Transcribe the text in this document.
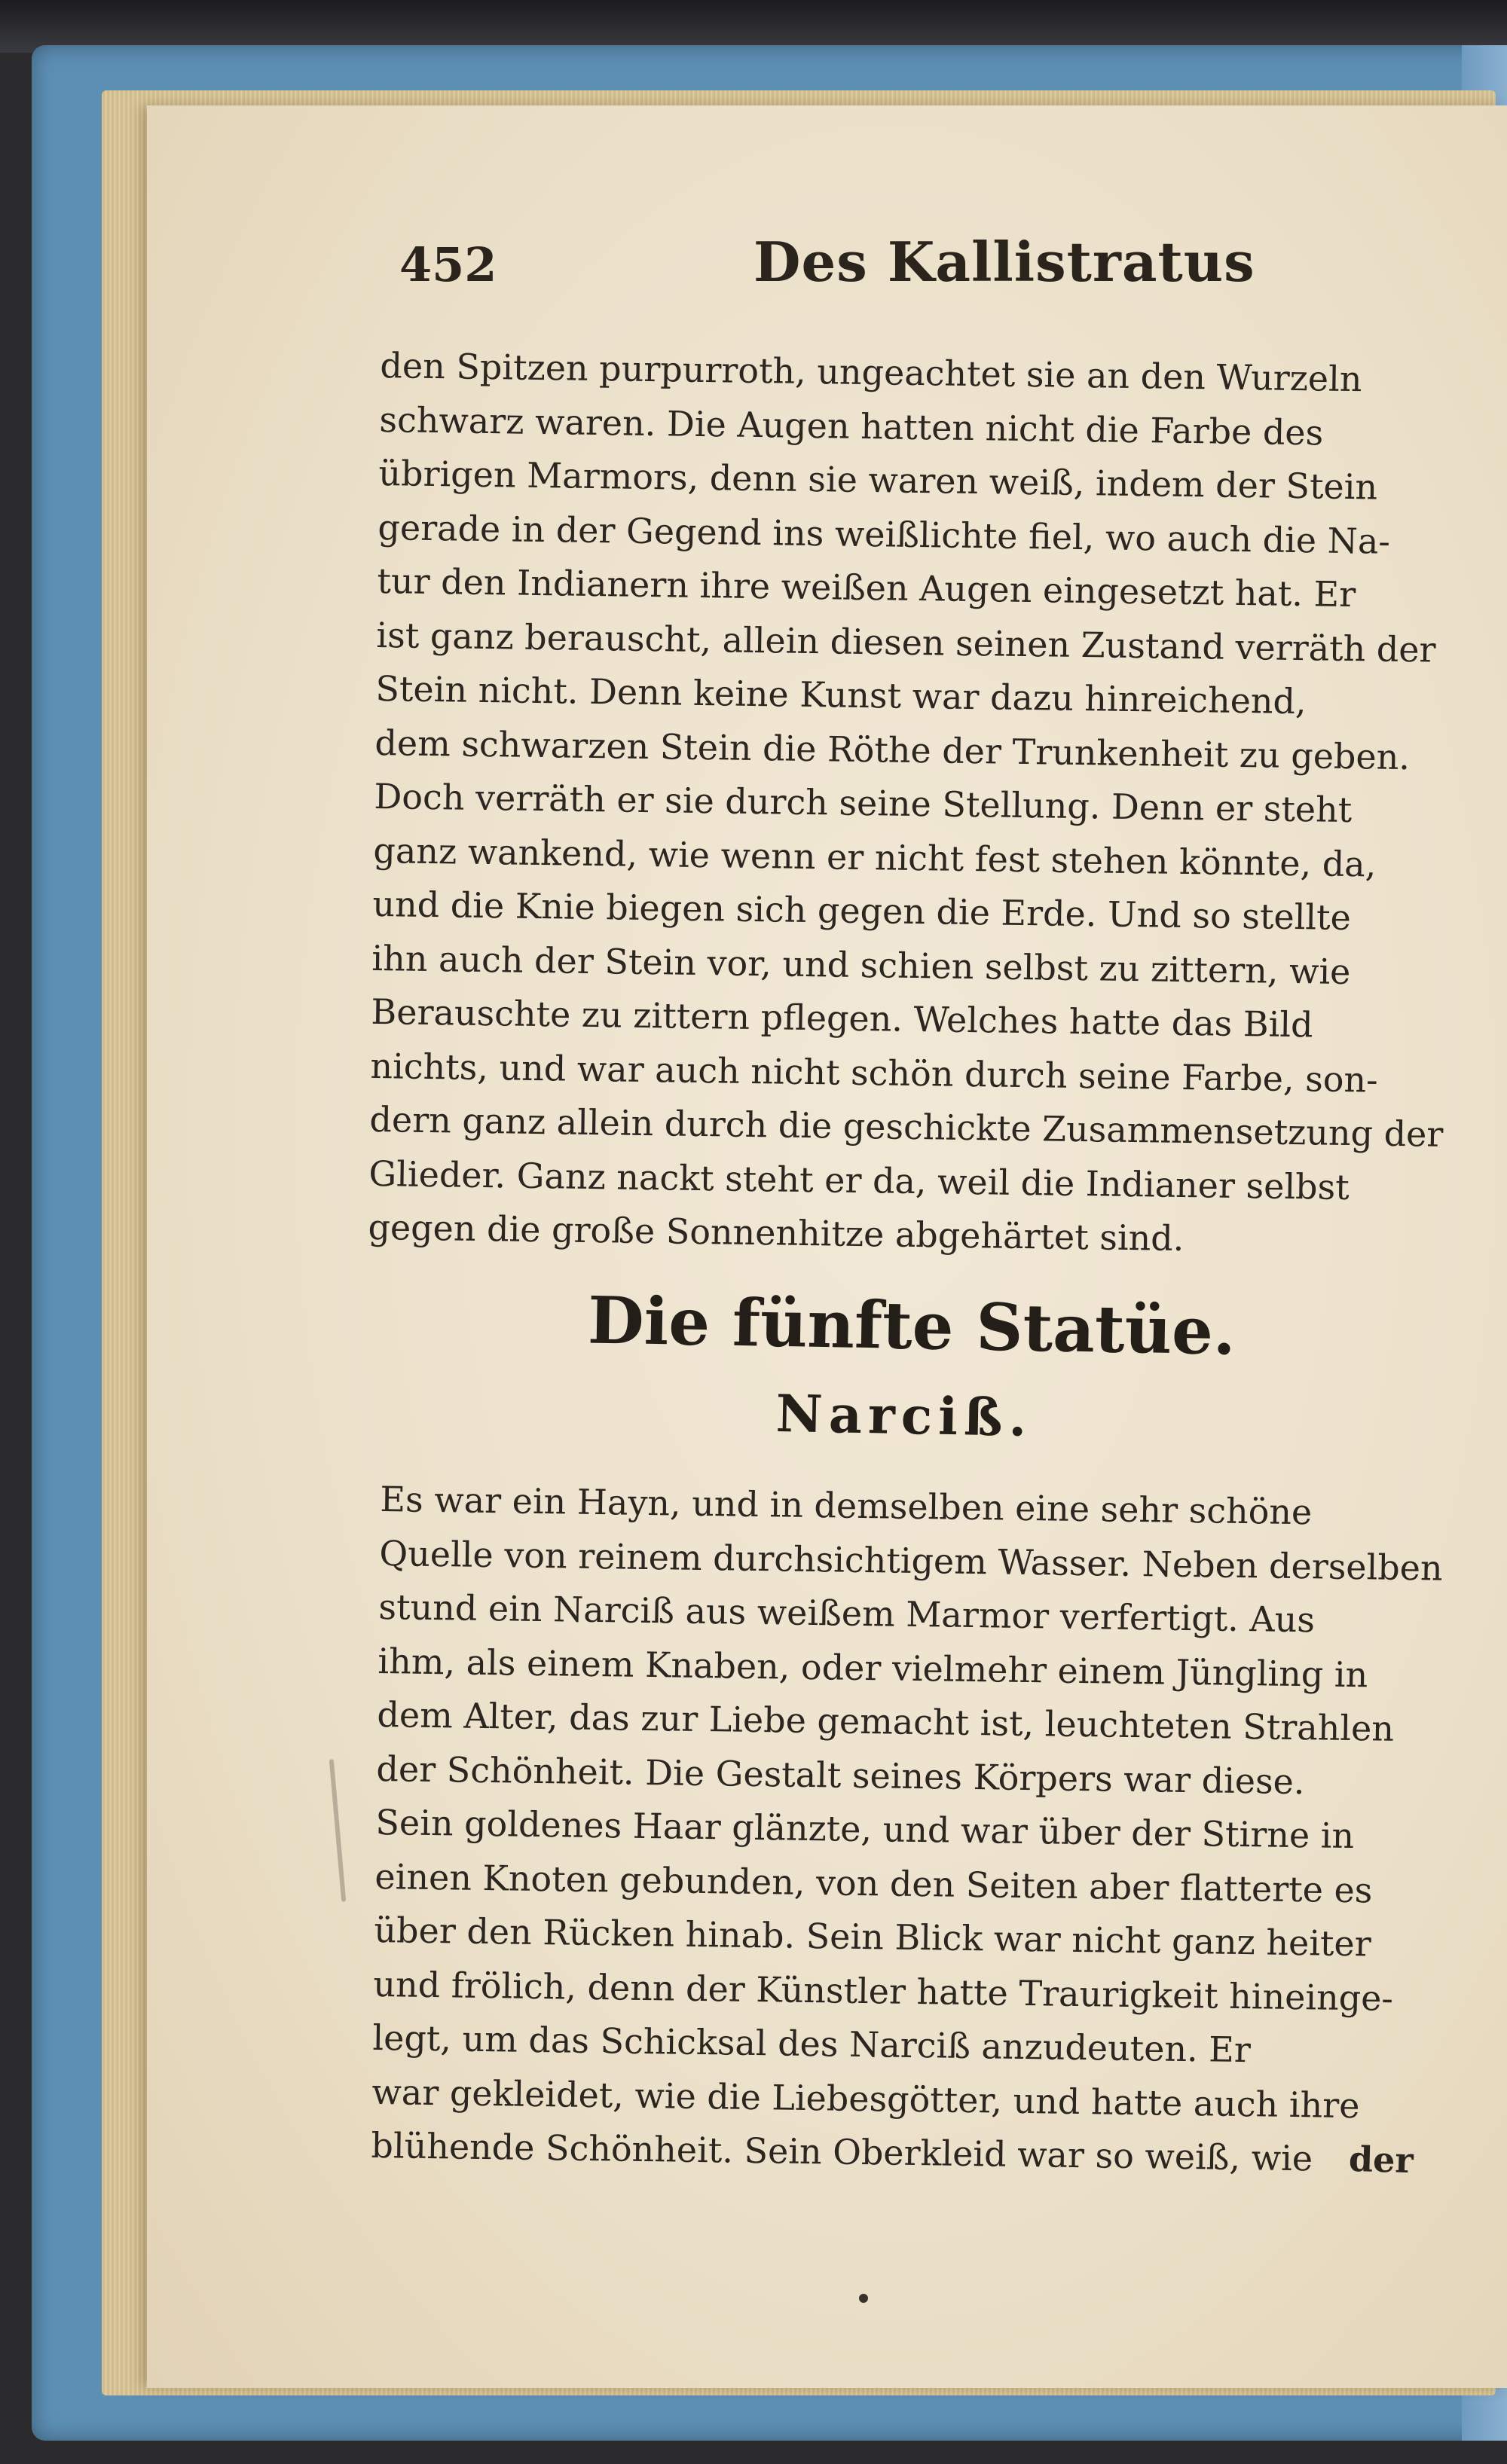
452	Des Kallistratus
den Spitzen purpurroth, ungeachtet sie an den Wurzeln
schwarz waren. Die Augen hatten nicht die Farbe des
übrigen Marmors, denn sie waren weiß, indem der Stein
gerade in der Gegend ins weißlichte fiel, wo auch die Na-
tur den Indianern ihre weißen Augen eingesetzt hat. Er
ist ganz berauscht, allein diesen seinen Zustand verräth der
Stein nicht. Denn keine Kunst war dazu hinreichend,
dem schwarzen Stein die Röthe der Trunkenheit zu geben.
Doch verräth er sie durch seine Stellung. Denn er steht
ganz wankend, wie wenn er nicht fest stehen könnte, da,
und die Knie biegen sich gegen die Erde. Und so stellte
ihn auch der Stein vor, und schien selbst zu zittern, wie
Berauschte zu zittern pflegen. Welches hatte das Bild
nichts, und war auch nicht schön durch seine Farbe, son-
dern ganz allein durch die geschickte Zusammensetzung der
Glieder. Ganz nackt steht er da, weil die Indianer selbst
gegen die große Sonnenhitze abgehärtet sind.
Die fünfte Statüe.
Narciß.
Es war ein Hayn, und in demselben eine sehr schöne
Quelle von reinem durchsichtigem Wasser. Neben derselben
stund ein Narciß aus weißem Marmor verfertigt. Aus
ihm, als einem Knaben, oder vielmehr einem Jüngling in
dem Alter, das zur Liebe gemacht ist, leuchteten Strahlen
der Schönheit. Die Gestalt seines Körpers war diese.
Sein goldenes Haar glänzte, und war über der Stirne in
einen Knoten gebunden, von den Seiten aber flatterte es
über den Rücken hinab. Sein Blick war nicht ganz heiter
und frölich, denn der Künstler hatte Traurigkeit hineinge-
legt, um das Schicksal des Narciß anzudeuten. Er
war gekleidet, wie die Liebesgötter, und hatte auch ihre
blühende Schönheit. Sein Oberkleid war so weiß, wie	der
